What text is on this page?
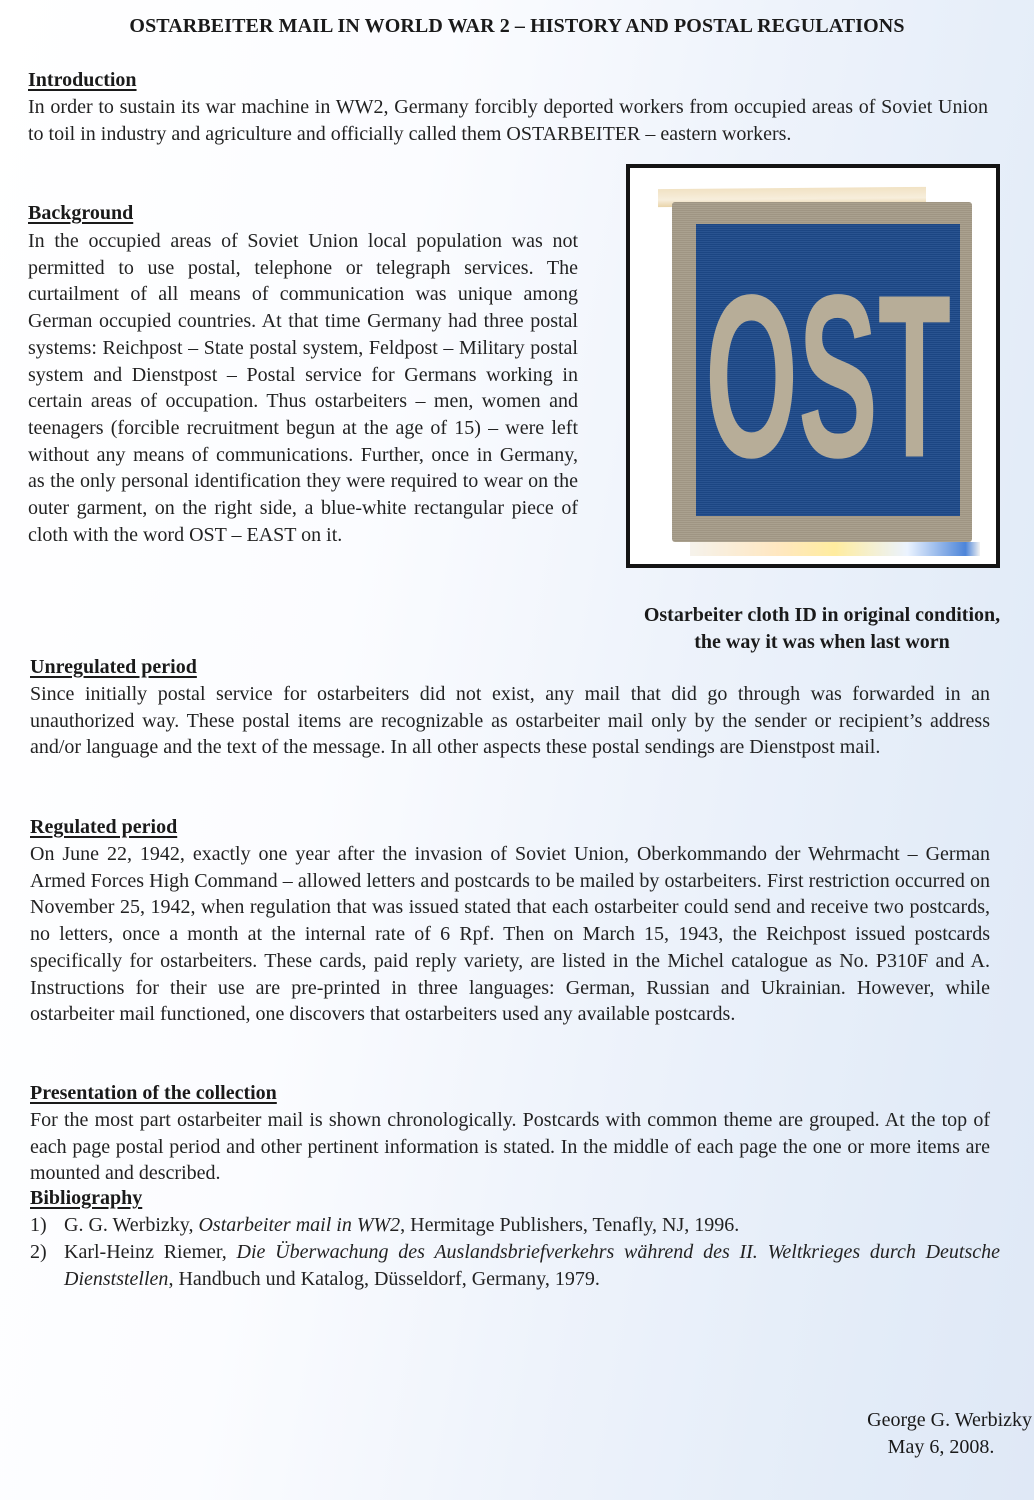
OSTARBEITER MAIL IN WORLD WAR 2 – HISTORY AND POSTAL REGULATIONS
Introduction
In order to sustain its war machine in WW2, Germany forcibly deported workers from occupied areas of Soviet Union to toil in industry and agriculture and officially called them OSTARBEITER – eastern workers.
Background
In the occupied areas of Soviet Union local population was not permitted to use postal, telephone or telegraph services. The curtailment of all means of communication was unique among German occupied countries. At that time Germany had three postal systems: Reichpost – State postal system, Feldpost – Military postal system and Dienstpost – Postal service for Germans working in certain areas of occupation. Thus ostarbeiters – men, women and teenagers (forcible recruitment begun at the age of 15) – were left without any means of communications. Further, once in Germany, as the only personal identification they were required to wear on the outer garment, on the right side, a blue-white rectangular piece of cloth with the word OST – EAST on it.
OST
Ostarbeiter cloth ID in original condition,
the way it was when last worn
Unregulated period
Since initially postal service for ostarbeiters did not exist, any mail that did go through was forwarded in an unauthorized way. These postal items are recognizable as ostarbeiter mail only by the sender or recipient’s address and/or language and the text of the message. In all other aspects these postal sendings are Dienstpost mail.
Regulated period
On June 22, 1942, exactly one year after the invasion of Soviet Union, Oberkommando der Wehrmacht – German Armed Forces High Command – allowed letters and postcards to be mailed by ostarbeiters. First restriction occurred on November 25, 1942, when regulation that was issued stated that each ostarbeiter could send and receive two postcards, no letters, once a month at the internal rate of 6 Rpf. Then on March 15, 1943, the Reichpost issued postcards specifically for ostarbeiters. These cards, paid reply variety, are listed in the Michel catalogue as No. P310F and A. Instructions for their use are pre-printed in three languages: German, Russian and Ukrainian. However, while ostarbeiter mail functioned, one discovers that ostarbeiters used any available postcards.
Presentation of the collection
For the most part ostarbeiter mail is shown chronologically. Postcards with common theme are grouped. At the top of each page postal period and other pertinent information is stated. In the middle of each page the one or more items are mounted and described.
Bibliography
1) G. G. Werbizky, Ostarbeiter mail in WW2, Hermitage Publishers, Tenafly, NJ, 1996.
2) Karl-Heinz Riemer, Die Überwachung des Auslandsbriefverkehrs während des II. Weltkrieges durch Deutsche Dienststellen, Handbuch und Katalog, Düsseldorf, Germany, 1979.
George G. Werbizky
May 6, 2008.
